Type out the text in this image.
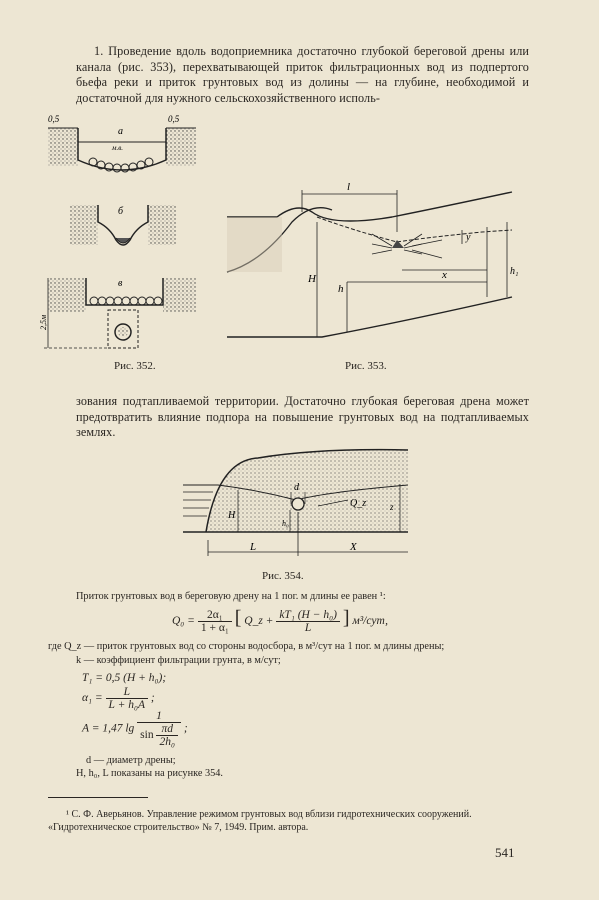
1. Проведение вдоль водоприемника достаточно глубокой береговой дрены или канала (рис. 353), перехватывающей приток фильтрационных вод из подпертого бьефа реки и приток грунтовых вод из долины — на глубине, необходимой и достаточной для нужного сельскохозяйственного исполь-
0,5	0,5
а
м.в.
б
в
2,5м
Рис. 352.
l
y
x
H
h
h₁
Рис. 353.
зования подтапливаемой территории. Достаточно глубокая береговая дрена может предотвратить влияние подпора на повышение грунтовых вод на подтапливаемых землях.
d
H
h₀
Q_z	z
L	X
Рис. 354.
Приток грунтовых вод в береговую дрену на 1 пог. м длины ее равен ¹:
$Q_0 = \frac{\text{2α₁}}{\text{1 + α₁}}$ [ Q_z + $\frac{\text{kT₁ (H − h₀)}}{L}$ ] м³/сут,
где Q_z — приток грунтовых вод со стороны водосбора, в м³/сут на 1 пог. м длины дрены;
k — коэффициент фильтрации грунта, в м/сут;
T₁ = 0,5 (H + h₀);
$\alpha_1 = \frac{L}{\text{L + h₀A}}$ ;
A = 1,47 $\lg \frac{1}{\sin \frac{\pi d}{\text{2h₀}}}$ ;
d — диаметр дрены;
H, h₀, L показаны на рисунке 354.
¹ С. Ф. Аверьянов. Управление режимом грунтовых вод вблизи гидротехнических сооружений. «Гидротехническое строительство» № 7, 1949. Прим. автора.
541
